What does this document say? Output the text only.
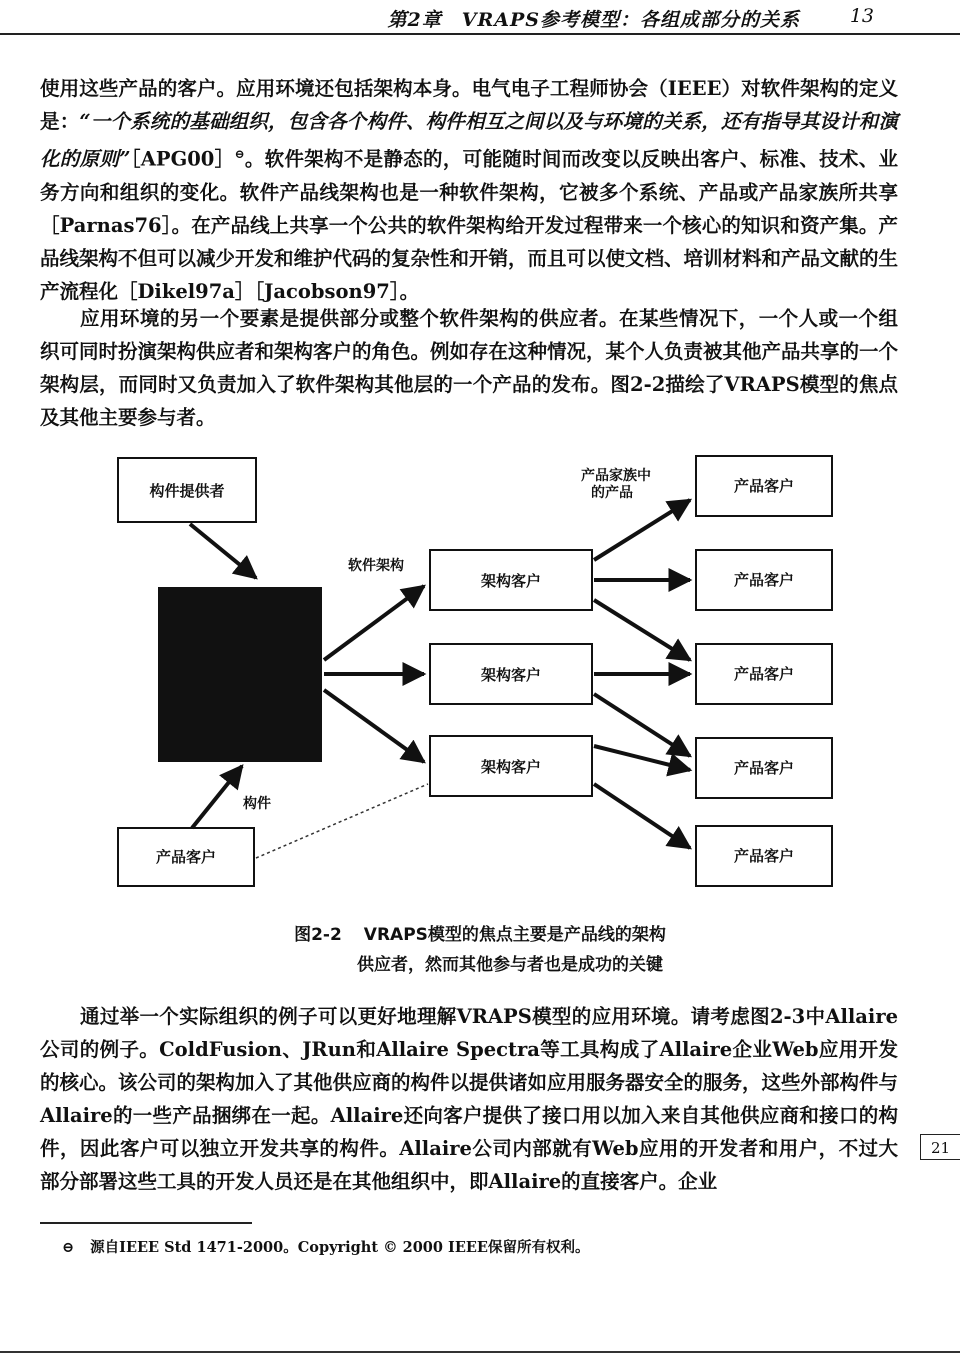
第2章　VRAPS参考模型：各组成部分的关系	13

使用这些产品的客户。应用环境还包括架构本身。电气电子工程师协会（IEEE）对软件架构的定义是：“一个系统的基础组织，包含各个构件、构件相互之间以及与环境的关系，还有指导其设计和演化的原则”［APG00］⊖。软件架构不是静态的，可能随时间而改变以反映出客户、标准、技术、业务方向和组织的变化。软件产品线架构也是一种软件架构，它被多个系统、产品或产品家族所共享［Parnas76］。在产品线上共享一个公共的软件架构给开发过程带来一个核心的知识和资产集。产品线架构不但可以减少开发和维护代码的复杂性和开销，而且可以使文档、培训材料和产品文献的生产流程化［Dikel97a］［Jacobson97］。

应用环境的另一个要素是提供部分或整个软件架构的供应者。在某些情况下，一个人或一个组织可同时扮演架构供应者和架构客户的角色。例如存在这种情况，某个人负责被其他产品共享的一个架构层，而同时又负责加入了软件架构其他层的一个产品的发布。图2-2描绘了VRAPS模型的焦点及其他主要参与者。

构件提供者
产品客户
软件架构
构件
产品家族中
的产品
架构客户
架构客户
架构客户
产品客户
产品客户
产品客户
产品客户
产品客户
图2-2 VRAPS模型的焦点主要是产品线的架构
供应者，然而其他参与者也是成功的关键

通过举一个实际组织的例子可以更好地理解VRAPS模型的应用环境。请考虑图2-3中Allaire公司的例子。ColdFusion、JRun和Allaire Spectra等工具构成了Allaire企业Web应用开发的核心。该公司的架构加入了其他供应商的构件以提供诸如应用服务器安全的服务，这些外部构件与Allaire的一些产品捆绑在一起。Allaire还向客户提供了接口用以加入来自其他供应商和接口的构件，因此客户可以独立开发共享的构件。Allaire公司内部就有Web应用的开发者和用户，不过大部分部署这些工具的开发人员还是在其他组织中，即Allaire的直接客户。企业

21
⊖ 源自IEEE Std 1471-2000。Copyright © 2000 IEEE保留所有权利。
